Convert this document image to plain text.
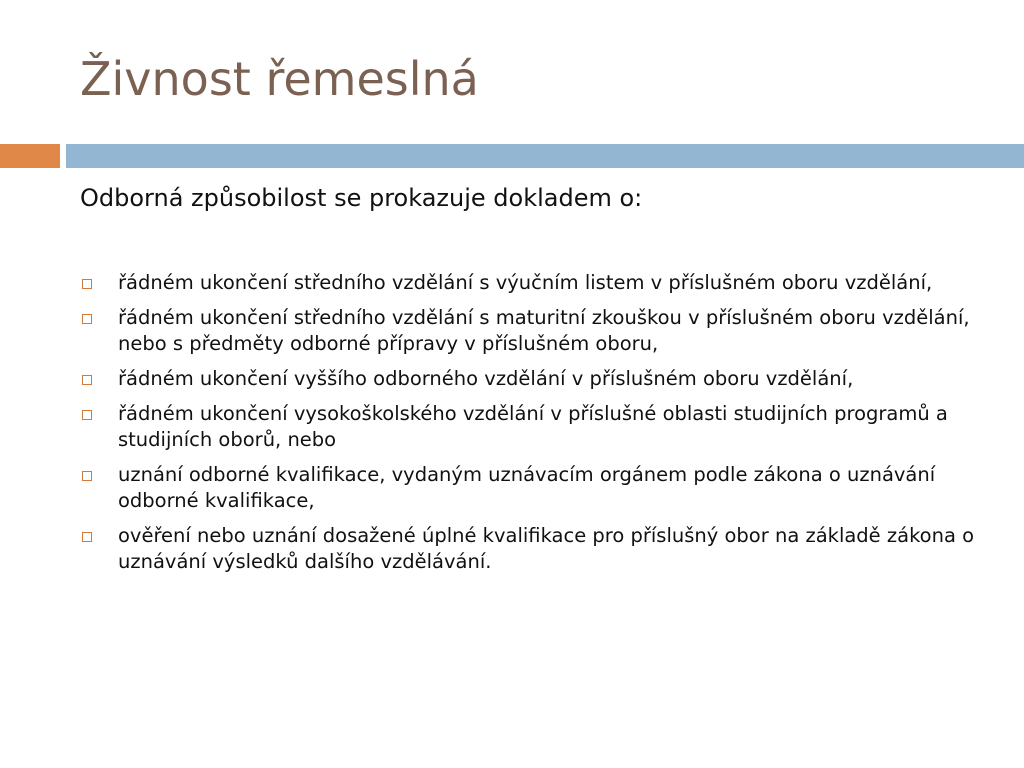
Živnost řemeslná
Odborná způsobilost se prokazuje dokladem o:
řádném ukončení středního vzdělání s výučním listem v příslušném oboru vzdělání,
řádném ukončení středního vzdělání s maturitní zkouškou v příslušném oboru vzdělání, nebo s předměty odborné přípravy v příslušném oboru,
řádném ukončení vyššího odborného vzdělání v příslušném oboru vzdělání,
řádném ukončení vysokoškolského vzdělání v příslušné oblasti studijních programů a studijních oborů, nebo
uznání odborné kvalifikace, vydaným uznávacím orgánem podle zákona o uznávání odborné kvalifikace,
ověření nebo uznání dosažené úplné kvalifikace pro příslušný obor na základě zákona o uznávání výsledků dalšího vzdělávání.
